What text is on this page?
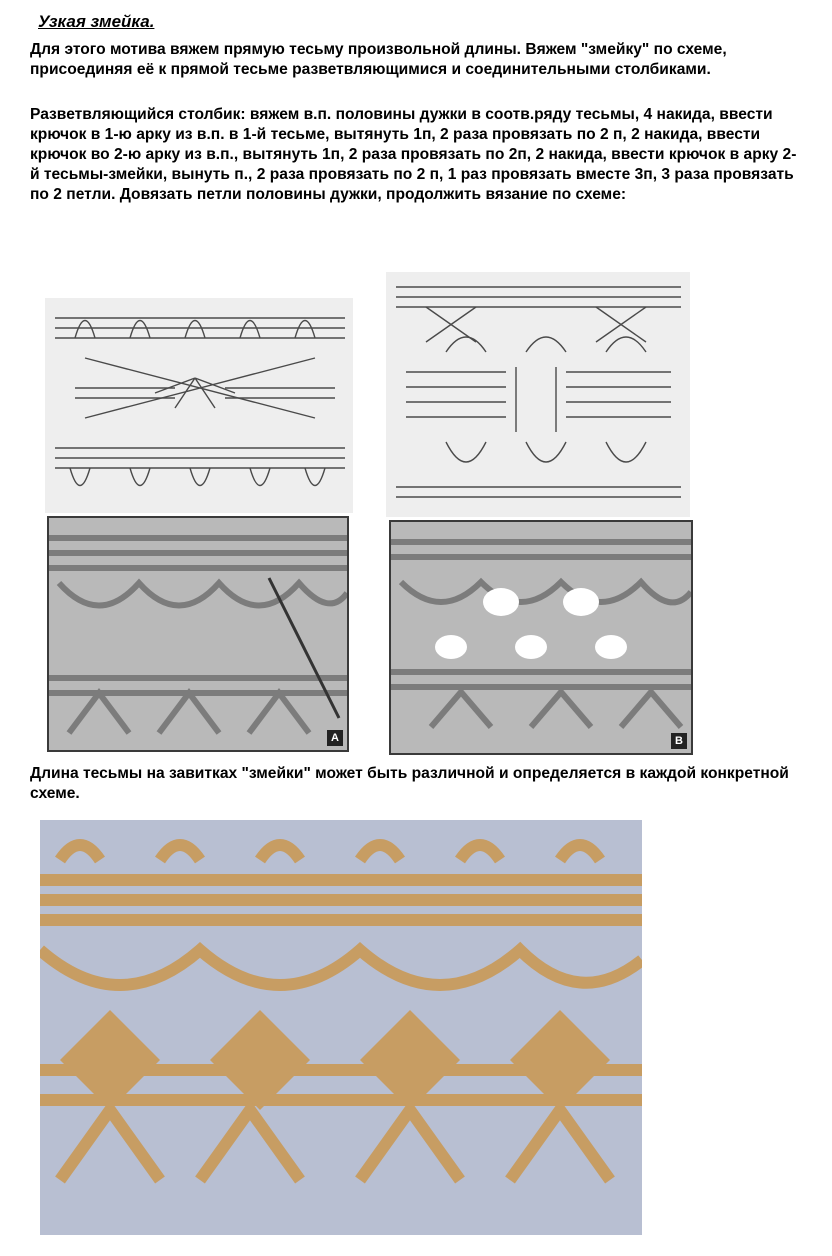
Узкая змейка.
Для этого мотива вяжем прямую тесьму произвольной длины. Вяжем "змейку" по схеме, присоединяя её к прямой тесьме разветвляющимися и соединительными столбиками.
Разветвляющийся столбик: вяжем в.п. половины дужки в соотв.ряду тесьмы, 4 накида, ввести крючок в 1-ю арку из в.п. в 1-й тесьме, вытянуть 1п, 2 раза провязать по 2 п, 2 накида, ввести крючок во 2-ю арку из в.п., вытянуть 1п, 2 раза провязать по 2п, 2 накида, ввести крючок в арку 2-й тесьмы-змейки, вынуть п., 2 раза провязать по 2 п, 1 раз провязать вместе 3п, 3 раза провязать по 2 петли. Довязать петли половины дужки, продолжить вязание по схеме:
A	B
Длина тесьмы на завитках "змейки" может быть различной и определяется в каждой конкретной схеме.
